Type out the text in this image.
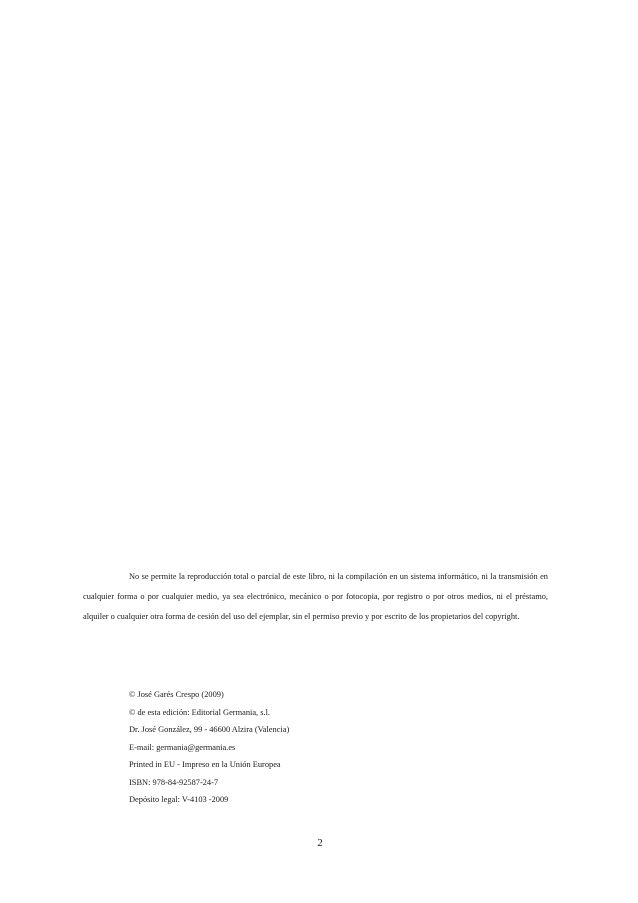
No se permite la reproducción total o parcial de este libro, ni la compilación en un sistema informático, ni la transmisión en cualquier forma o por cualquier medio, ya sea electrónico, mecánico o por fotocopia, por registro o por otros medios, ni el préstamo, alquiler o cualquier otra forma de cesión del uso del ejemplar, sin el permiso previo y por escrito de los propietarios del copyright.

© José Garés Crespo (2009)
© de esta edición: Editorial Germania, s.l.
Dr. José González, 99 - 46600 Alzira (Valencia)
E-mail: germania@germania.es
Printed in EU - Impreso en la Unión Europea
ISBN: 978-84-92587-24-7
Depósito legal: V-4103 -2009
2
